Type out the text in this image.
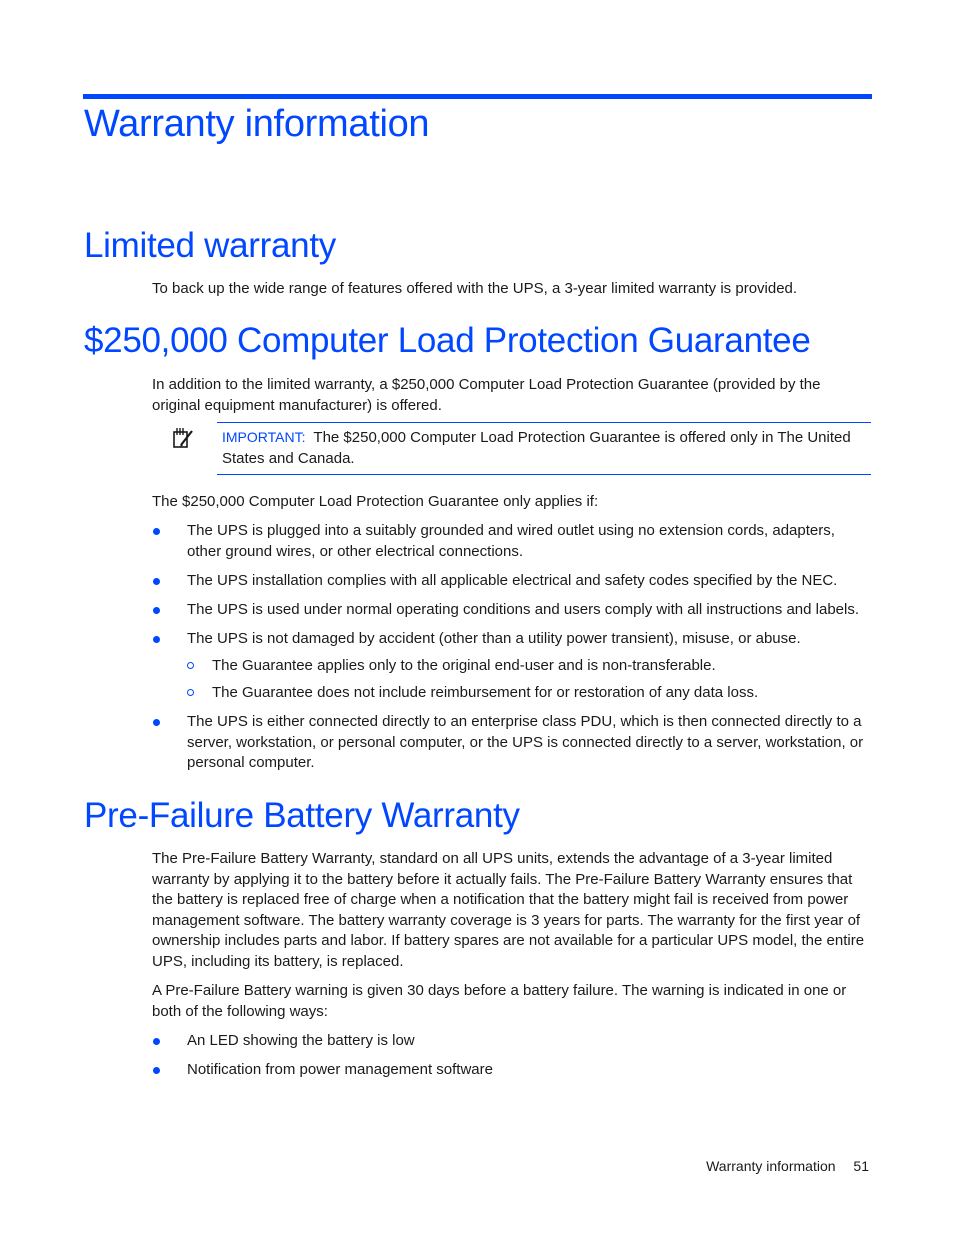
Warranty information
Limited warranty

To back up the wide range of features offered with the UPS, a 3-year limited warranty is provided.

$250,000 Computer Load Protection Guarantee

In addition to the limited warranty, a $250,000 Computer Load Protection Guarantee (provided by the original equipment manufacturer) is offered.

IMPORTANT: The $250,000 Computer Load Protection Guarantee is offered only in The United States and Canada.

The $250,000 Computer Load Protection Guarantee only applies if:

The UPS is plugged into a suitably grounded and wired outlet using no extension cords, adapters, other ground wires, or other electrical connections.
The UPS installation complies with all applicable electrical and safety codes specified by the NEC.
The UPS is used under normal operating conditions and users comply with all instructions and labels.
The UPS is not damaged by accident (other than a utility power transient), misuse, or abuse.
The Guarantee applies only to the original end-user and is non-transferable.
The Guarantee does not include reimbursement for or restoration of any data loss.
The UPS is either connected directly to an enterprise class PDU, which is then connected directly to a server, workstation, or personal computer, or the UPS is connected directly to a server, workstation, or personal computer.
Pre-Failure Battery Warranty

The Pre-Failure Battery Warranty, standard on all UPS units, extends the advantage of a 3-year limited warranty by applying it to the battery before it actually fails. The Pre-Failure Battery Warranty ensures that the battery is replaced free of charge when a notification that the battery might fail is received from power management software. The battery warranty coverage is 3 years for parts. The warranty for the first year of ownership includes parts and labor. If battery spares are not available for a particular UPS model, the entire UPS, including its battery, is replaced.

A Pre-Failure Battery warning is given 30 days before a battery failure. The warning is indicated in one or both of the following ways:

An LED showing the battery is low
Notification from power management software
Warranty information 51
